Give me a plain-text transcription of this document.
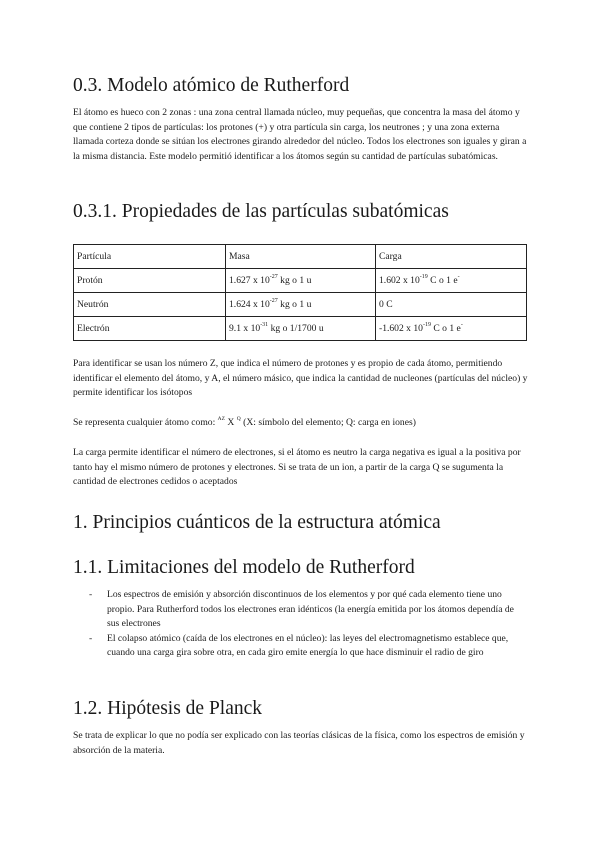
0.3. Modelo atómico de Rutherford

El átomo es hueco con 2 zonas : una zona central llamada núcleo, muy pequeñas, que concentra la masa del átomo y que contiene 2 tipos de partículas: los protones (+) y otra partícula sin carga, los neutrones ; y una zona externa llamada corteza donde se sitúan los electrones girando alrededor del núcleo. Todos los electrones son iguales y giran a la misma distancia. Este modelo permitió identificar a los átomos según su cantidad de partículas subatómicas.

0.3.1. Propiedades de las partículas subatómicas
Partícula	Masa	Carga
Protón	1.627 x $10^{-27}$ kg o 1 u	1.602 x $10^{-19}$ C o 1 e-
Neutrón	1.624 x $10^{-27}$ kg o 1 u	0 C
Electrón	9.1 x $10^{-31}$ kg o 1/1700 u	-1.602 x $10^{-19}$ C o 1 e-

Para identificar se usan los número Z, que indica el número de protones y es propio de cada átomo, permitiendo identificar el elemento del átomo, y A, el número másico, que indica la cantidad de nucleones (partículas del núcleo) y permite identificar los isótopos

Se representa cualquier átomo como: $^{AZ}$ X $^Q$ (X: símbolo del elemento; Q: carga en iones)

La carga permite identificar el número de electrones, si el átomo es neutro la carga negativa es igual a la positiva por tanto hay el mismo número de protones y electrones. Si se trata de un ion, a partir de la carga Q se sugumenta la cantidad de electrones cedidos o aceptados

1. Principios cuánticos de la estructura atómica
1.1. Limitaciones del modelo de Rutherford
- Los espectros de emisión y absorción discontinuos de los elementos y por qué cada elemento tiene uno propio. Para Rutherford todos los electrones eran idénticos (la energía emitida por los átomos dependía de sus electrones
- El colapso atómico (caída de los electrones en el núcleo): las leyes del electromagnetismo establece que, cuando una carga gira sobre otra, en cada giro emite energía lo que hace disminuir el radio de giro
1.2. Hipótesis de Planck

Se trata de explicar lo que no podía ser explicado con las teorías clásicas de la física, como los espectros de emisión y absorción de la materia.
